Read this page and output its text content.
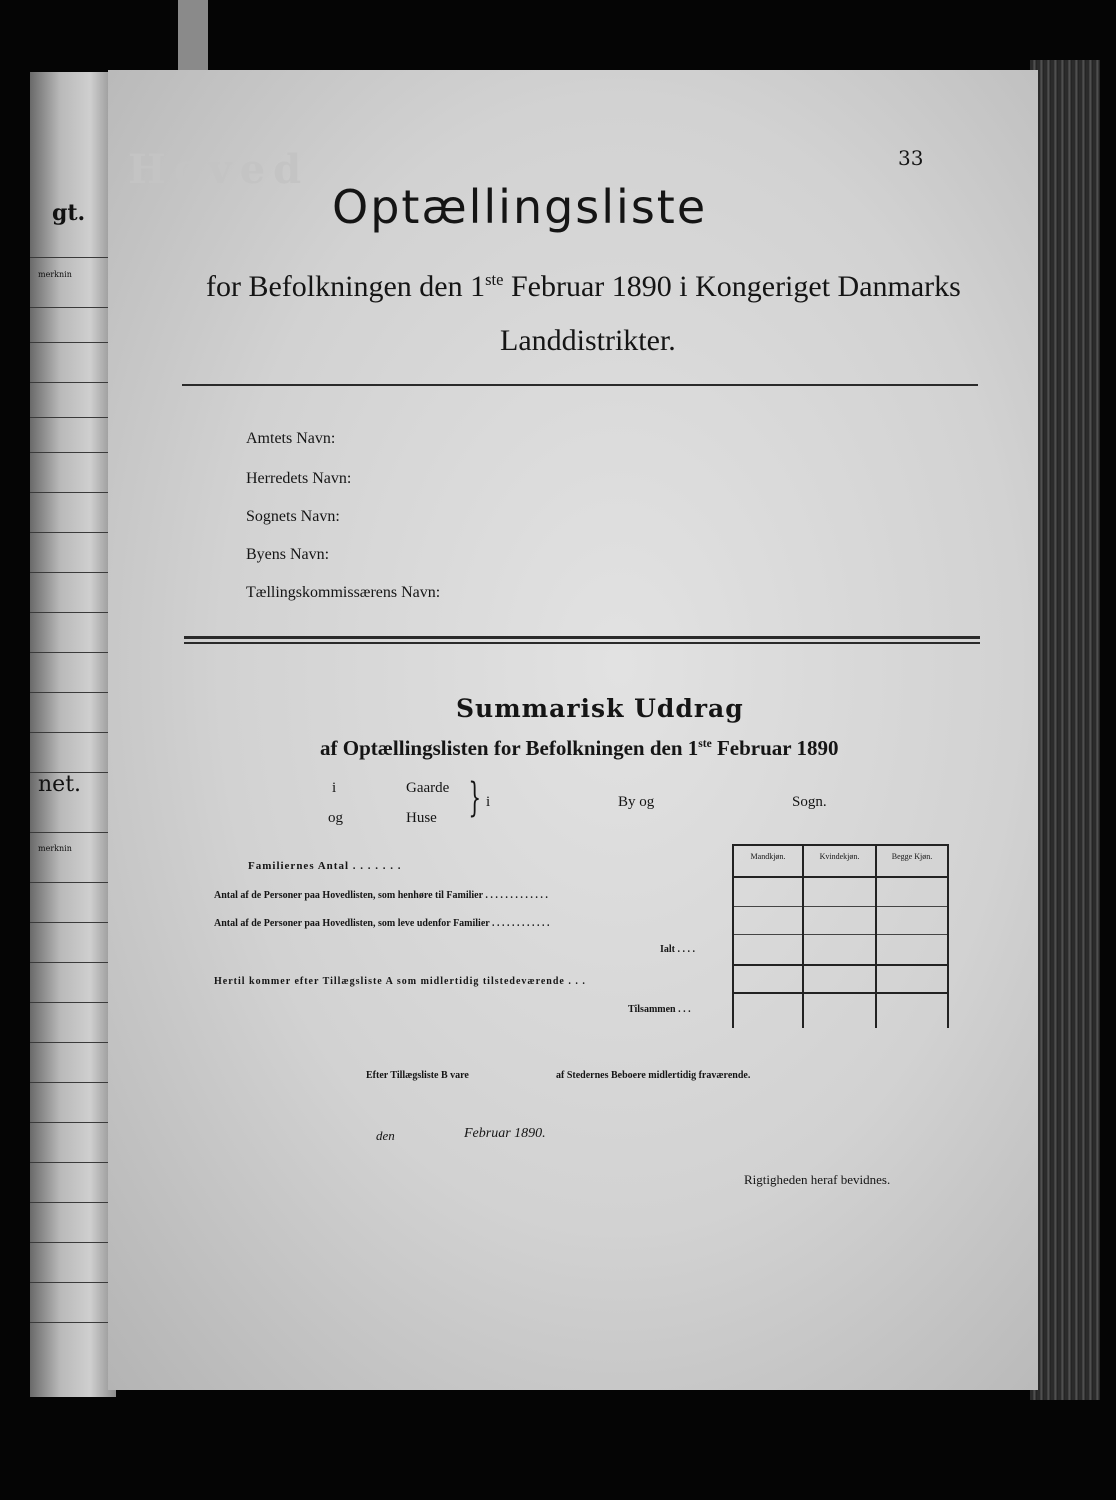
gt.
merknin
net.
merknin
33
Hoved
Optællingsliste
for Befolkningen den 1ste Februar 1890 i Kongeriget Danmarks
Landdistrikter.
Amtets Navn:
Herredets Navn:
Sognets Navn:
Byens Navn:
Tællingskommissærens Navn:
Summarisk Uddrag
af Optællingslisten for Befolkningen den 1ste Februar 1890
i
og
Gaarde
Huse } i	By og	Sogn.
Familiernes Antal . . . . . . .
Antal af de Personer paa Hovedlisten, som henhøre til Familier . . . . . . . . . . . . .
Antal af de Personer paa Hovedlisten, som leve udenfor Familier . . . . . . . . . . . .
Ialt . . . .
Hertil kommer efter Tillægsliste A som midlertidig tilstedeværende . . .
Tilsammen . . .
Mandkjøn.	Kvindekjøn.	Begge Kjøn.
Efter Tillægsliste B vare	af Stedernes Beboere midlertidig fraværende.
den	Februar 1890.
Rigtigheden heraf bevidnes.
